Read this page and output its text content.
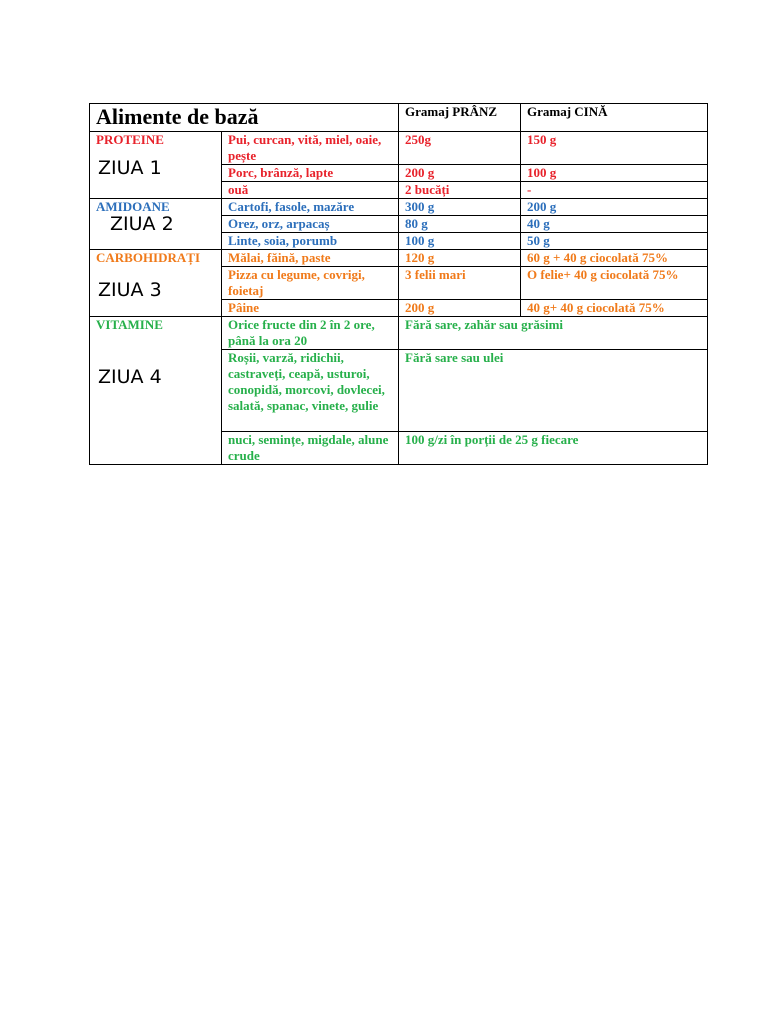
Alimente de bază		Gramaj PRÂNZ	Gramaj CINĂ

PROTEINE
ZIUA 1	Pui, curcan, vită, miel, oaie, pește	250g	150 g
	Porc, brânză, lapte	200 g	100 g
	ouă	2 bucăți	-

AMIDOANE
ZIUA 2	Cartofi, fasole, mazăre	300 g	200 g
	Orez, orz, arpacaș	80 g	40 g
	Linte, soia, porumb	100 g	50 g

CARBOHIDRAȚI
ZIUA 3	Mălai, făină, paste	120 g	60 g + 40 g ciocolată 75%
	Pizza cu legume, covrigi, foietaj	3 felii mari	O felie+ 40 g ciocolată 75%
	Pâine	200 g	40 g+ 40 g ciocolată 75%

VITAMINE
ZIUA 4	Orice fructe din 2 în 2 ore, până la ora 20	Fără sare, zahăr sau grăsimi	
	Roșii, varză, ridichii, castraveți, ceapă, usturoi, conopidă, morcovi, dovlecei, salată, spanac, vinete, gulie	Fără sare sau ulei	
	nuci, semințe, migdale, alune crude	100 g/zi în porții de 25 g fiecare	
